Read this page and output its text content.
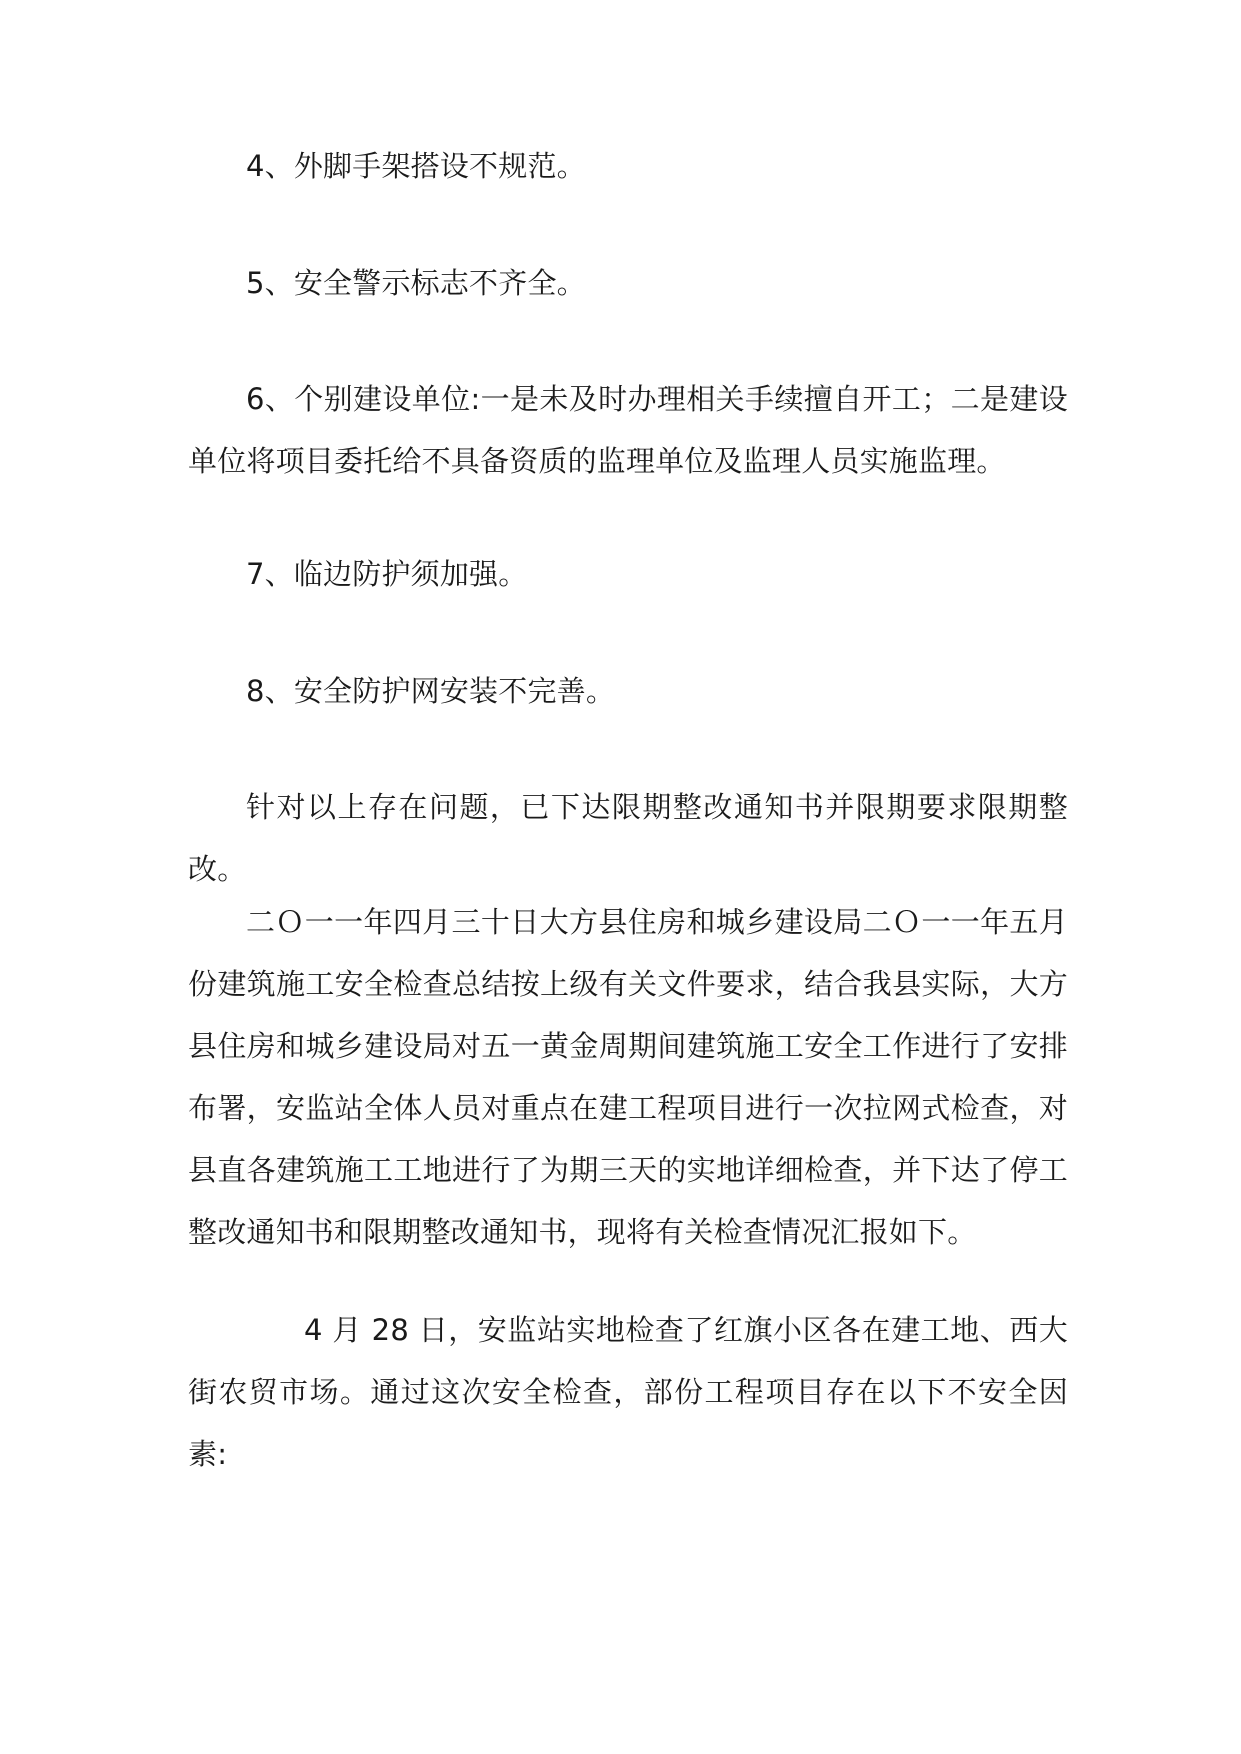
4、外脚手架搭设不规范。

5、安全警示标志不齐全。

6、个别建设单位:一是未及时办理相关手续擅自开工；二是建设单位将项目委托给不具备资质的监理单位及监理人员实施监理。

7、临边防护须加强。

8、安全防护网安装不完善。

针对以上存在问题，已下达限期整改通知书并限期要求限期整改。

二Ｏ一一年四月三十日大方县住房和城乡建设局二Ｏ一一年五月份建筑施工安全检查总结按上级有关文件要求，结合我县实际，大方县住房和城乡建设局对五一黄金周期间建筑施工安全工作进行了安排布署，安监站全体人员对重点在建工程项目进行一次拉网式检查，对县直各建筑施工工地进行了为期三天的实地详细检查，并下达了停工整改通知书和限期整改通知书，现将有关检查情况汇报如下。

4 月 28 日，安监站实地检查了红旗小区各在建工地、西大街农贸市场。通过这次安全检查，部份工程项目存在以下不安全因素:
